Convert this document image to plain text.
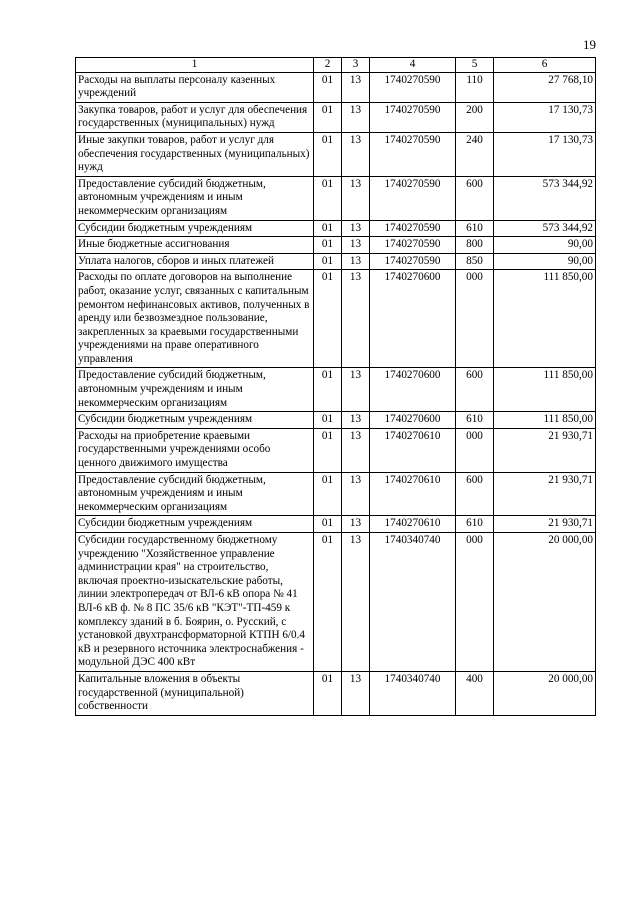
19
1	2	3	4	5	6
Расходы на выплаты персоналу казенных учреждений	01	13	1740270590	110	27 768,10
Закупка товаров, работ и услуг для обеспечения государственных (муниципальных) нужд	01	13	1740270590	200	17 130,73
Иные закупки товаров, работ и услуг для обеспечения государственных (муниципальных) нужд	01	13	1740270590	240	17 130,73
Предоставление субсидий бюджетным, автономным учреждениям и иным некоммерческим организациям	01	13	1740270590	600	573 344,92
Субсидии бюджетным учреждениям	01	13	1740270590	610	573 344,92
Иные бюджетные ассигнования	01	13	1740270590	800	90,00
Уплата налогов, сборов и иных платежей	01	13	1740270590	850	90,00
Расходы по оплате договоров на выполнение работ, оказание услуг, связанных с капитальным ремонтом нефинансовых активов, полученных в аренду или безвозмездное пользование, закрепленных за краевыми государственными учреждениями на праве оперативного управления	01	13	1740270600	000	111 850,00
Предоставление субсидий бюджетным, автономным учреждениям и иным некоммерческим организациям	01	13	1740270600	600	111 850,00
Субсидии бюджетным учреждениям	01	13	1740270600	610	111 850,00
Расходы на приобретение краевыми государственными учреждениями особо ценного движимого имущества	01	13	1740270610	000	21 930,71
Предоставление субсидий бюджетным, автономным учреждениям и иным некоммерческим организациям	01	13	1740270610	600	21 930,71
Субсидии бюджетным учреждениям	01	13	1740270610	610	21 930,71
Субсидии государственному бюджетному учреждению "Хозяйственное управление администрации края" на строительство, включая проектно-изыскательские работы, линии электропередач от ВЛ-6 кВ опора № 41 ВЛ-6 кВ ф. № 8 ПС 35/6 кВ "КЭТ"-ТП-459 к комплексу зданий в б. Боярин, о. Русский, с установкой двухтрансформаторной КТПН 6/0.4 кВ и резервного источника электроснабжения - модульной ДЭС 400 кВт	01	13	1740340740	000	20 000,00
Капитальные вложения в объекты государственной (муниципальной) собственности	01	13	1740340740	400	20 000,00
